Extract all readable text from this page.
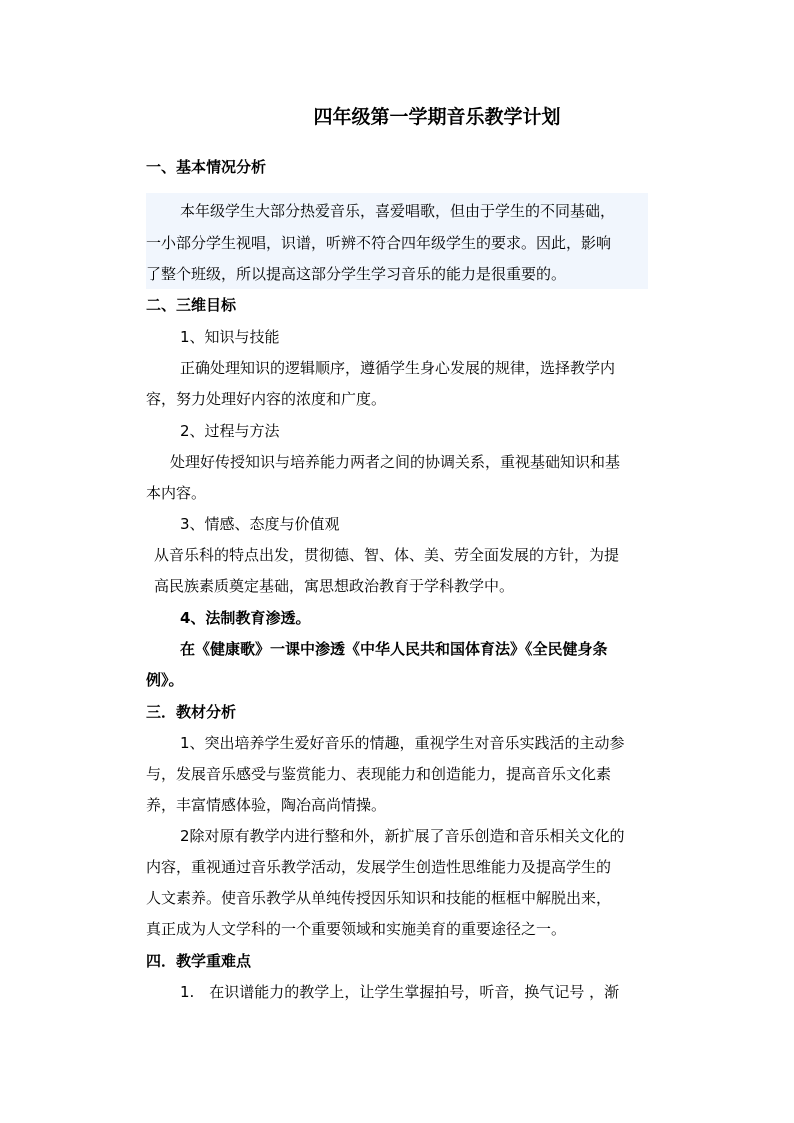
四年级第一学期音乐教学计划
一、基本情况分析
本年级学生大部分热爱音乐，喜爱唱歌，但由于学生的不同基础，
一小部分学生视唱，识谱，听辨不符合四年级学生的要求。因此，影响
了整个班级，所以提高这部分学生学习音乐的能力是很重要的。
二、三维目标
1、知识与技能
正确处理知识的逻辑顺序，遵循学生身心发展的规律，选择教学内
容，努力处理好内容的浓度和广度。
2、过程与方法
处理好传授知识与培养能力两者之间的协调关系，重视基础知识和基
本内容。
3、情感、态度与价值观
从音乐科的特点出发，贯彻德、智、体、美、劳全面发展的方针，为提
高民族素质奠定基础，寓思想政治教育于学科教学中。
4、法制教育渗透。
在《健康歌》一课中渗透《中华人民共和国体育法》《全民健身条
例》。
三．教材分析
1、突出培养学生爱好音乐的情趣，重视学生对音乐实践活的主动参
与，发展音乐感受与鉴赏能力、表现能力和创造能力，提高音乐文化素
养，丰富情感体验，陶冶高尚情操。
2除对原有教学内进行整和外，新扩展了音乐创造和音乐相关文化的
内容，重视通过音乐教学活动，发展学生创造性思维能力及提高学生的
人文素养。使音乐教学从单纯传授因乐知识和技能的框框中解脱出来，
真正成为人文学科的一个重要领域和实施美育的重要途径之一。
四．教学重难点
1.　在识谱能力的教学上，让学生掌握拍号，听音，换气记号 ，渐
